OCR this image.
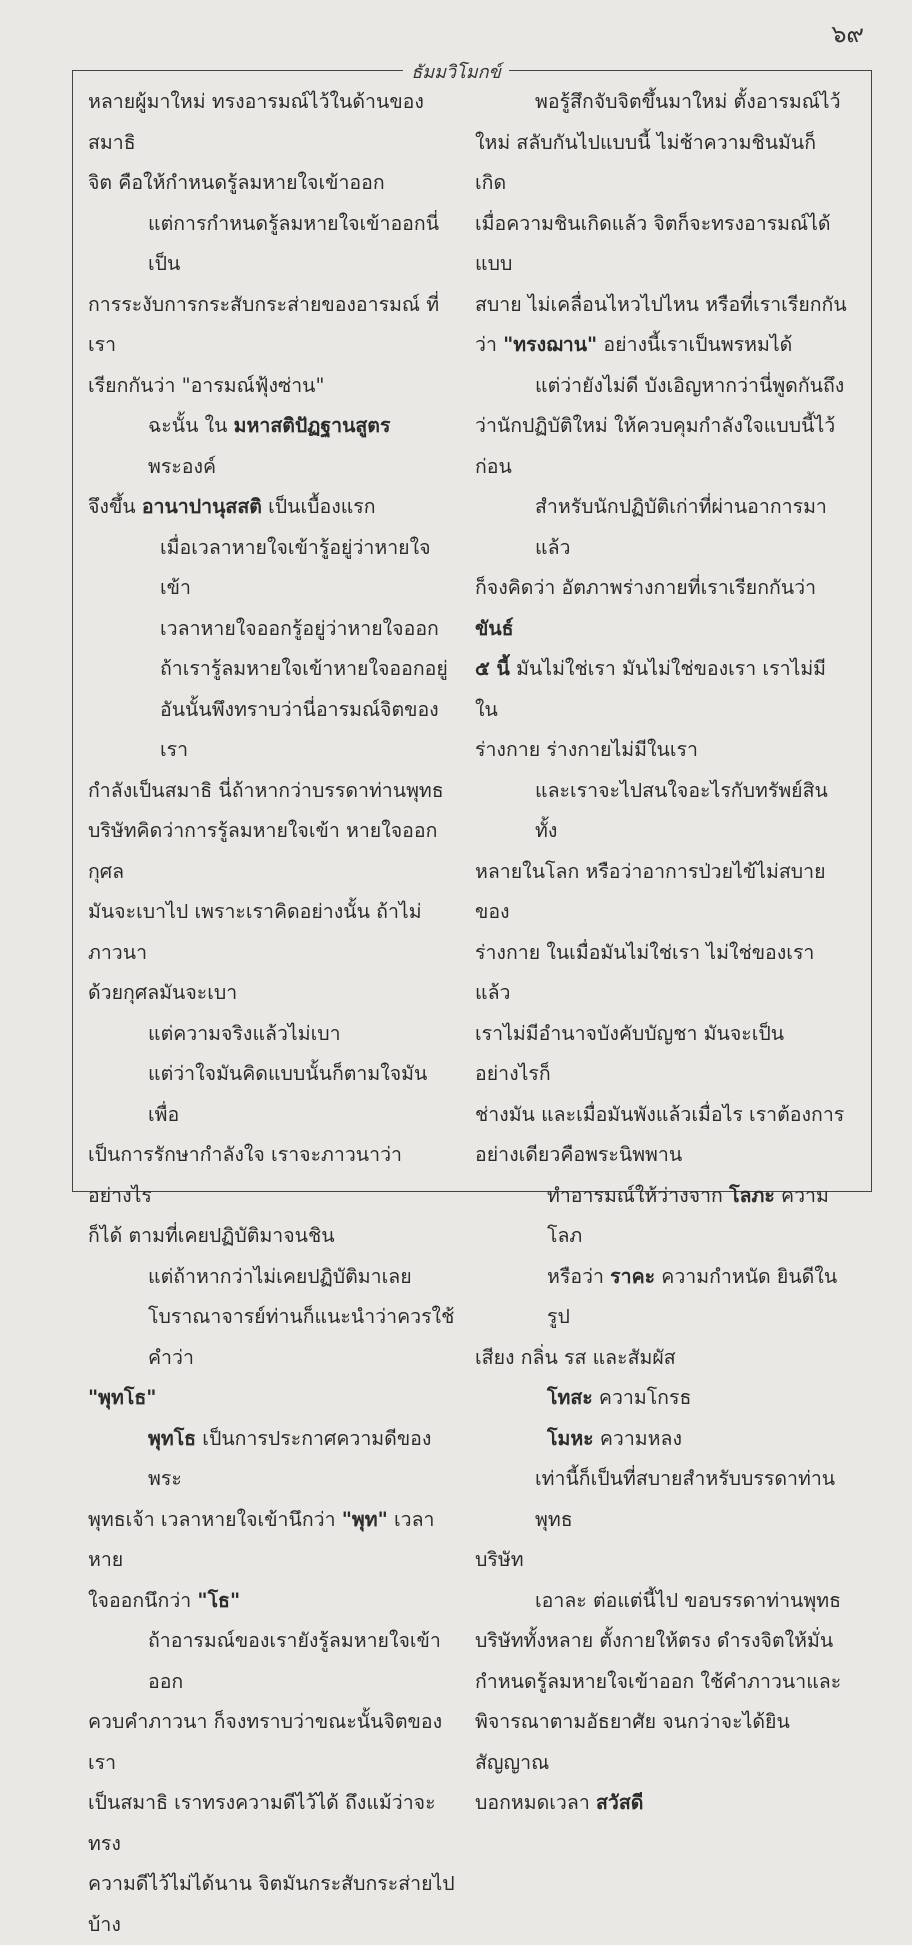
๖๙
ธัมมวิโมกข์

หลายผู้มาใหม่ ทรงอารมณ์ไว้ในด้านของสมาธิ

จิต คือให้กำหนดรู้ลมหายใจเข้าออก

แต่การกำหนดรู้ลมหายใจเข้าออกนี่เป็น

การระงับการกระสับกระส่ายของอารมณ์ ที่เรา

เรียกกันว่า "อารมณ์ฟุ้งซ่าน"

ฉะนั้น ใน มหาสติปัฏฐานสูตร พระองค์

จึงขึ้น อานาปานุสสติ เป็นเบื้องแรก

เมื่อเวลาหายใจเข้ารู้อยู่ว่าหายใจเข้า

เวลาหายใจออกรู้อยู่ว่าหายใจออก

ถ้าเรารู้ลมหายใจเข้าหายใจออกอยู่

อันนั้นพึงทราบว่านี่อารมณ์จิตของเรา

กำลังเป็นสมาธิ นี่ถ้าหากว่าบรรดาท่านพุทธ

บริษัทคิดว่าการรู้ลมหายใจเข้า หายใจออก กุศล

มันจะเบาไป เพราะเราคิดอย่างนั้น ถ้าไม่ภาวนา

ด้วยกุศลมันจะเบา

แต่ความจริงแล้วไม่เบา

แต่ว่าใจมันคิดแบบนั้นก็ตามใจมัน เพื่อ

เป็นการรักษากำลังใจ เราจะภาวนาว่าอย่างไร

ก็ได้ ตามที่เคยปฏิบัติมาจนชิน

แต่ถ้าหากว่าไม่เคยปฏิบัติมาเลย

โบราณาจารย์ท่านก็แนะนำว่าควรใช้คำว่า

"พุทโธ"

พุทโธ เป็นการประกาศความดีของพระ

พุทธเจ้า เวลาหายใจเข้านึกว่า "พุท" เวลาหาย

ใจออกนึกว่า "โธ"

ถ้าอารมณ์ของเรายังรู้ลมหายใจเข้าออก

ควบคำภาวนา ก็จงทราบว่าขณะนั้นจิตของเรา

เป็นสมาธิ เราทรงความดีไว้ได้ ถึงแม้ว่าจะทรง

ความดีไว้ไม่ได้นาน จิตมันกระสับกระส่ายไปบ้าง

พอรู้สึกจับจิตขึ้นมาใหม่ ตั้งอารมณ์ไว้

ใหม่ สลับกันไปแบบนี้ ไม่ช้าความชินมันก็เกิด

เมื่อความชินเกิดแล้ว จิตก็จะทรงอารมณ์ได้แบบ

สบาย ไม่เคลื่อนไหวไปไหน หรือที่เราเรียกกัน

ว่า "ทรงฌาน" อย่างนี้เราเป็นพรหมได้

แต่ว่ายังไม่ดี บังเอิญหากว่านี่พูดกันถึง

ว่านักปฏิบัติใหม่ ให้ควบคุมกำลังใจแบบนี้ไว้ก่อน

สำหรับนักปฏิบัติเก่าที่ผ่านอาการมาแล้ว

ก็จงคิดว่า อัตภาพร่างกายที่เราเรียกกันว่า ขันธ์

๕ นี้ มันไม่ใช่เรา มันไม่ใช่ของเรา เราไม่มีใน

ร่างกาย ร่างกายไม่มีในเรา

และเราจะไปสนใจอะไรกับทรัพย์สินทั้ง

หลายในโลก หรือว่าอาการป่วยไข้ไม่สบายของ

ร่างกาย ในเมื่อมันไม่ใช่เรา ไม่ใช่ของเราแล้ว

เราไม่มีอำนาจบังคับบัญชา มันจะเป็นอย่างไรก็

ช่างมัน และเมื่อมันพังแล้วเมื่อไร เราต้องการ

อย่างเดียวคือพระนิพพาน

ทำอารมณ์ให้ว่างจาก โลภะ ความโลภ

หรือว่า ราคะ ความกำหนัด ยินดีในรูป

เสียง กลิ่น รส และสัมผัส

โทสะ ความโกรธ

โมหะ ความหลง

เท่านี้ก็เป็นที่สบายสำหรับบรรดาท่านพุทธ

บริษัท

เอาละ ต่อแต่นี้ไป ขอบรรดาท่านพุทธ

บริษัททั้งหลาย ตั้งกายให้ตรง ดำรงจิตให้มั่น

กำหนดรู้ลมหายใจเข้าออก ใช้คำภาวนาและ

พิจารณาตามอัธยาศัย จนกว่าจะได้ยินสัญญาณ

บอกหมดเวลา สวัสดี
